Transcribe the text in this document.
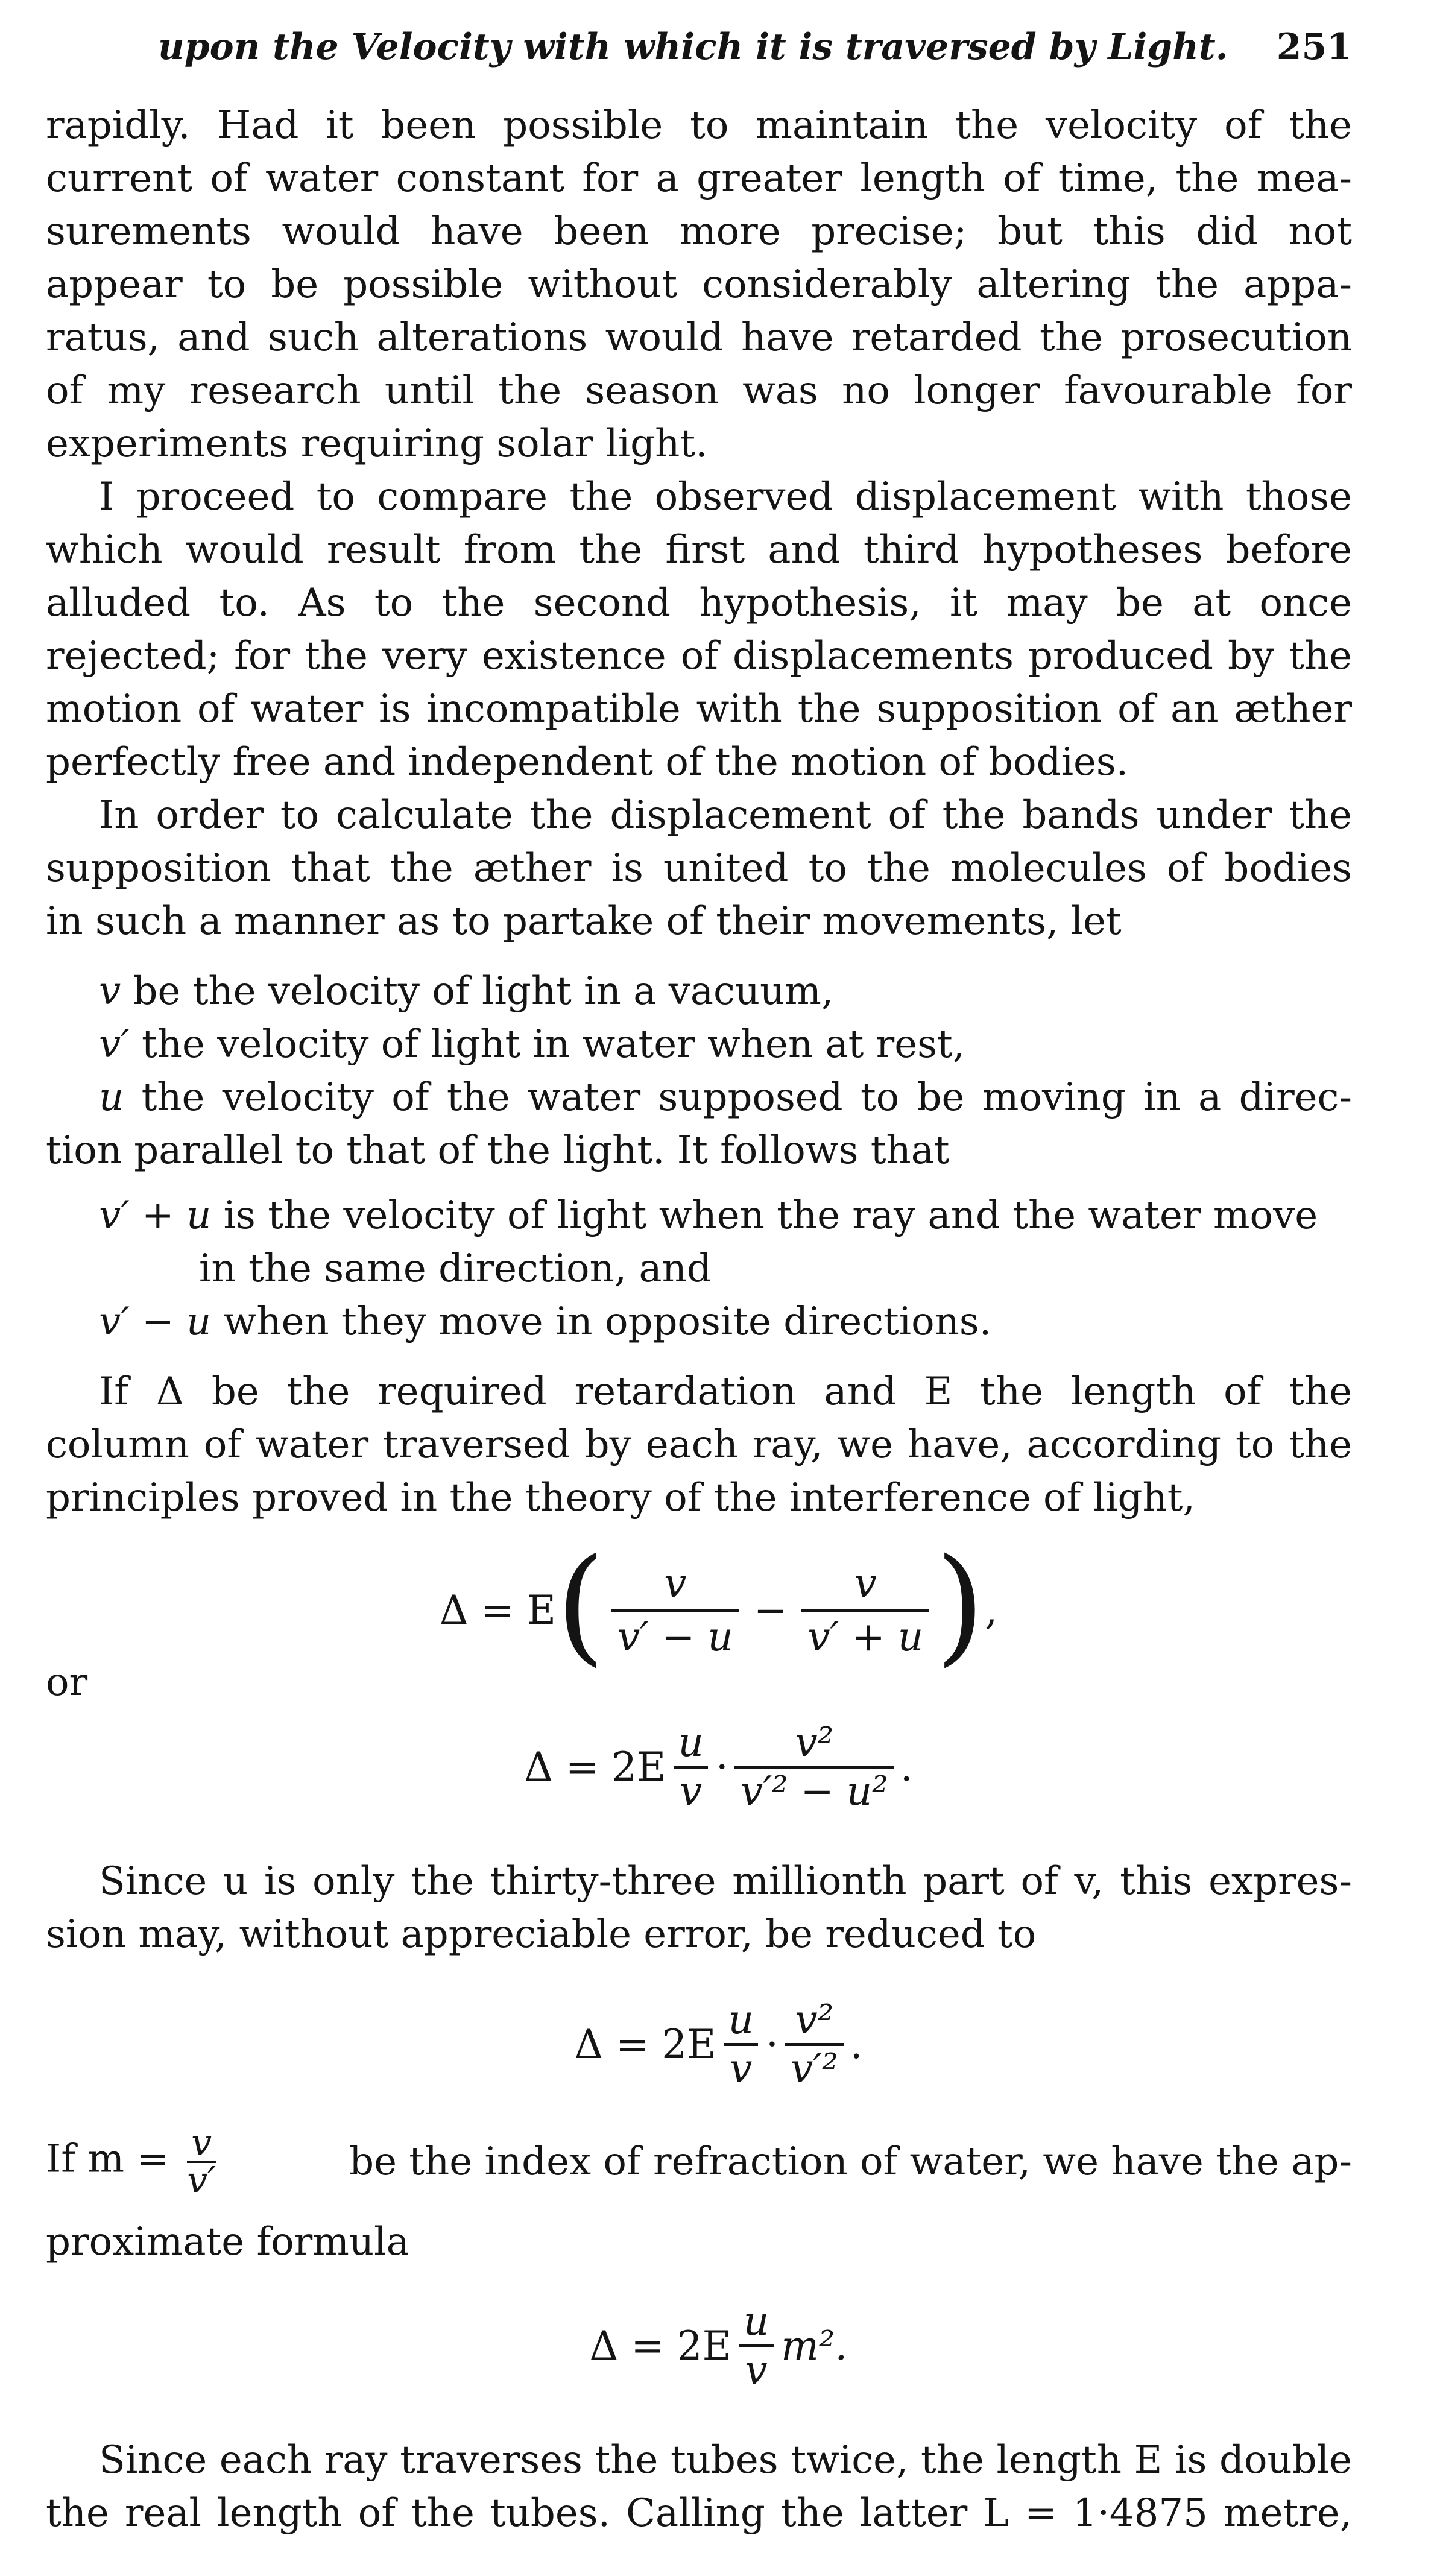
upon the Velocity with which it is traversed by Light. 251
rapidly. Had it been possible to maintain the velocity of the
current of water constant for a greater length of time, the mea-
surements would have been more precise; but this did not
appear to be possible without considerably altering the appa-
ratus, and such alterations would have retarded the prosecution
of my research until the season was no longer favourable for
experiments requiring solar light.
I proceed to compare the observed displacement with those
which would result from the first and third hypotheses before
alluded to. As to the second hypothesis, it may be at once
rejected; for the very existence of displacements produced by the
motion of water is incompatible with the supposition of an æther
perfectly free and independent of the motion of bodies.
In order to calculate the displacement of the bands under the
supposition that the æther is united to the molecules of bodies
in such a manner as to partake of their movements, let
v be the velocity of light in a vacuum,
v′ the velocity of light in water when at rest,
u the velocity of the water supposed to be moving in a direc-
tion parallel to that of the light. It follows that
v′ + u is the velocity of light when the ray and the water move
in the same direction, and
v′ − u when they move in opposite directions.
If Δ be the required retardation and E the length of the
column of water traversed by each ray, we have, according to the
principles proved in the theory of the interference of light,
Δ = E ( $\frac{v}{v' - u} - \frac{v}{v' + u}$ ) ,
or
$\Delta = 2E \frac{u}{v} \cdot \frac{\text{v²}}{\text{v′² − u²}}$ .
Since u is only the thirty-three millionth part of v, this expres-
sion may, without appreciable error, be reduced to
$\Delta = 2E \frac{u}{v} \cdot \frac{\text{v²}}{\text{v′²}}$ .
If $m = \frac{v}{v'}$	be the index of refraction of water, we have the ap-
proximate formula
$\Delta = 2E \frac{u}{v} m^2$.
Since each ray traverses the tubes twice, the length E is double
the real length of the tubes. Calling the latter L = 1·4875 metre,
